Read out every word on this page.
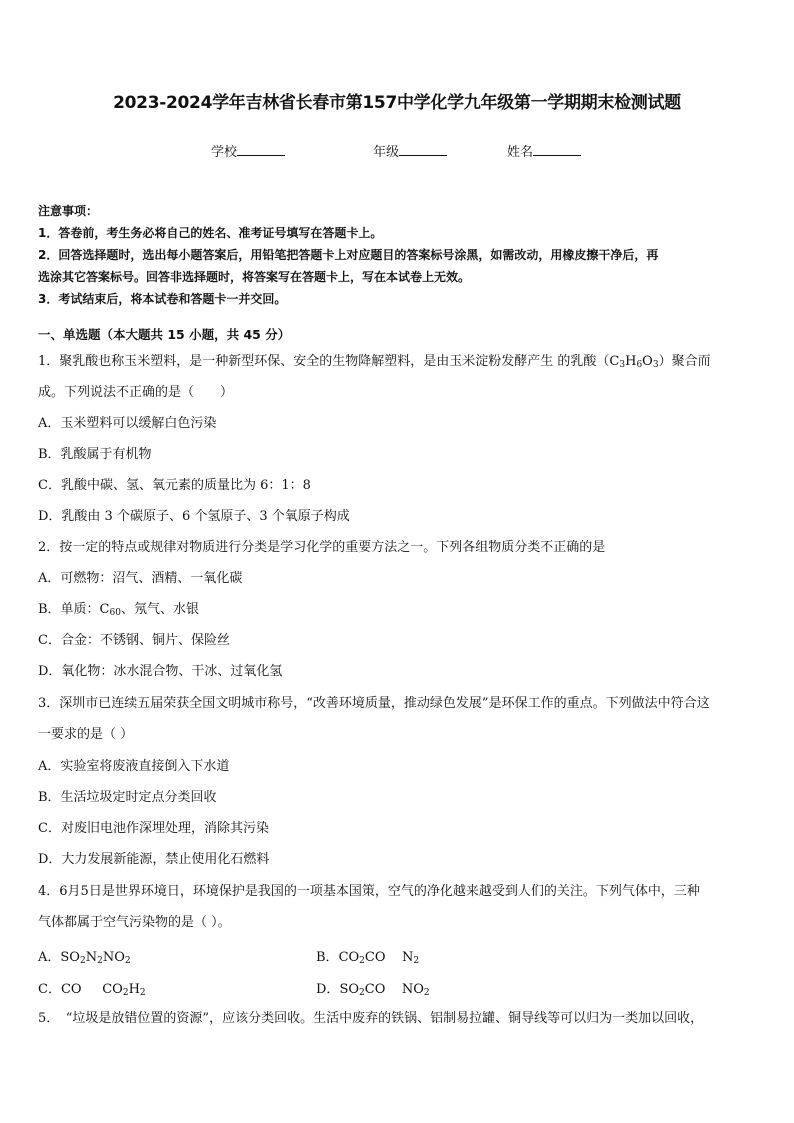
2023-2024学年吉林省长春市第157中学化学九年级第一学期期末检测试题
学校	年级	姓名

注意事项：

1．答卷前，考生务必将自己的姓名、准考证号填写在答题卡上。

2．回答选择题时，选出每小题答案后，用铅笔把答题卡上对应题目的答案标号涂黑，如需改动，用橡皮擦干净后，再

选涂其它答案标号。回答非选择题时，将答案写在答题卡上，写在本试卷上无效。

3．考试结束后，将本试卷和答题卡一并交回。

一、单选题（本大题共 15 小题，共 45 分）
1．聚乳酸也称玉米塑料，是一种新型环保、安全的生物降解塑料，是由玉米淀粉发酵产生 的乳酸$(C_3H_6O_3)$聚合而
成。下列说法不正确的是（　　）
A．玉米塑料可以缓解白色污染
B．乳酸属于有机物
C．乳酸中碳、氢、氧元素的质量比为 6：1：8
D．乳酸由 3 个碳原子、6 个氢原子、3 个氧原子构成
2．按一定的特点或规律对物质进行分类是学习化学的重要方法之一。下列各组物质分类不正确的是
A．可燃物：沼气、酒精、一氧化碳
B．单质：$C_{60}$、氖气、水银
C．合金：不锈钢、铜片、保险丝
D．氧化物：冰水混合物、干冰、过氧化氢
3．深圳市已连续五届荣获全国文明城市称号，“改善环境质量，推动绿色发展”是环保工作的重点。下列做法中符合这
一要求的是（ ）
A．实验室将废液直接倒入下水道
B．生活垃圾定时定点分类回收
C．对废旧电池作深埋处理，消除其污染
D．大力发展新能源，禁止使用化石燃料
4．6月5日是世界环境日，环境保护是我国的一项基本国策，空气的净化越来越受到人们的关注。下列气体中，三种
气体都属于空气污染物的是（ ）。
A．$SO_2N_2NO_2$	B．$CO_2CO$    $N_2$
C．CO     $CO_2H_2$	D．$SO_2CO$    $NO_2$
5．　“垃圾是放错位置的资源”，应该分类回收。生活中废弃的铁锅、铝制易拉罐、铜导线等可以归为一类加以回收，
